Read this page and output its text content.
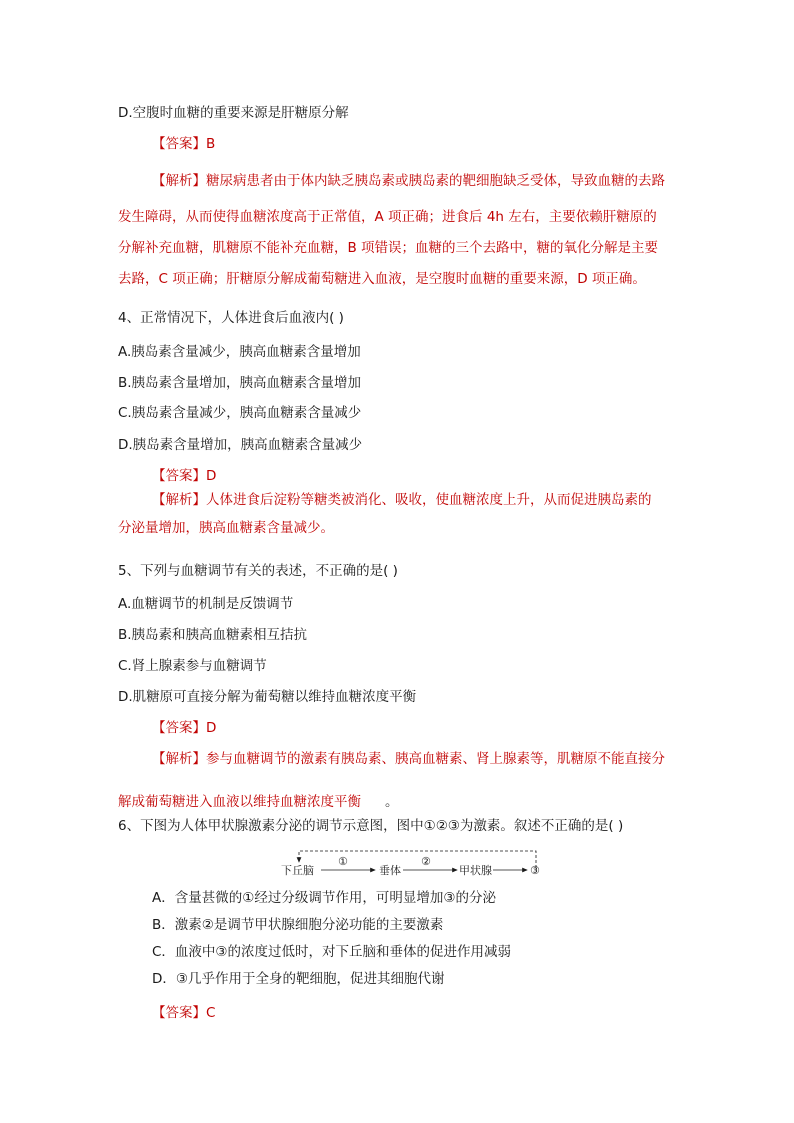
D.空腹时血糖的重要来源是肝糖原分解
【答案】B
【解析】糖尿病患者由于体内缺乏胰岛素或胰岛素的靶细胞缺乏受体，导致血糖的去路
发生障碍，从而使得血糖浓度高于正常值，A 项正确；进食后 4h 左右，主要依赖肝糖原的
分解补充血糖，肌糖原不能补充血糖，B 项错误；血糖的三个去路中，糖的氧化分解是主要
去路，C 项正确；肝糖原分解成葡萄糖进入血液，是空腹时血糖的重要来源，D 项正确。
4、正常情况下，人体进食后血液内( )
A.胰岛素含量减少，胰高血糖素含量增加
B.胰岛素含量增加，胰高血糖素含量增加
C.胰岛素含量减少，胰高血糖素含量减少
D.胰岛素含量增加，胰高血糖素含量减少
【答案】D
【解析】人体进食后淀粉等糖类被消化、吸收，使血糖浓度上升，从而促进胰岛素的
分泌量增加，胰高血糖素含量减少。
5、下列与血糖调节有关的表述，不正确的是( )
A.血糖调节的机制是反馈调节
B.胰岛素和胰高血糖素相互拮抗
C.肾上腺素参与血糖调节
D.肌糖原可直接分解为葡萄糖以维持血糖浓度平衡
【答案】D
【解析】参与血糖调节的激素有胰岛素、胰高血糖素、肾上腺素等，肌糖原不能直接分
解成葡萄糖进入血液以维持血糖浓度平衡 。
6、下图为人体甲状腺激素分泌的调节示意图，图中①②③为激素。叙述不正确的是( )
下丘脑	垂体	甲状腺	③
①	②
A．含量甚微的①经过分级调节作用，可明显增加③的分泌
B．激素②是调节甲状腺细胞分泌功能的主要激素
C．血液中③的浓度过低时，对下丘脑和垂体的促进作用减弱
D．③几乎作用于全身的靶细胞，促进其细胞代谢
【答案】C
